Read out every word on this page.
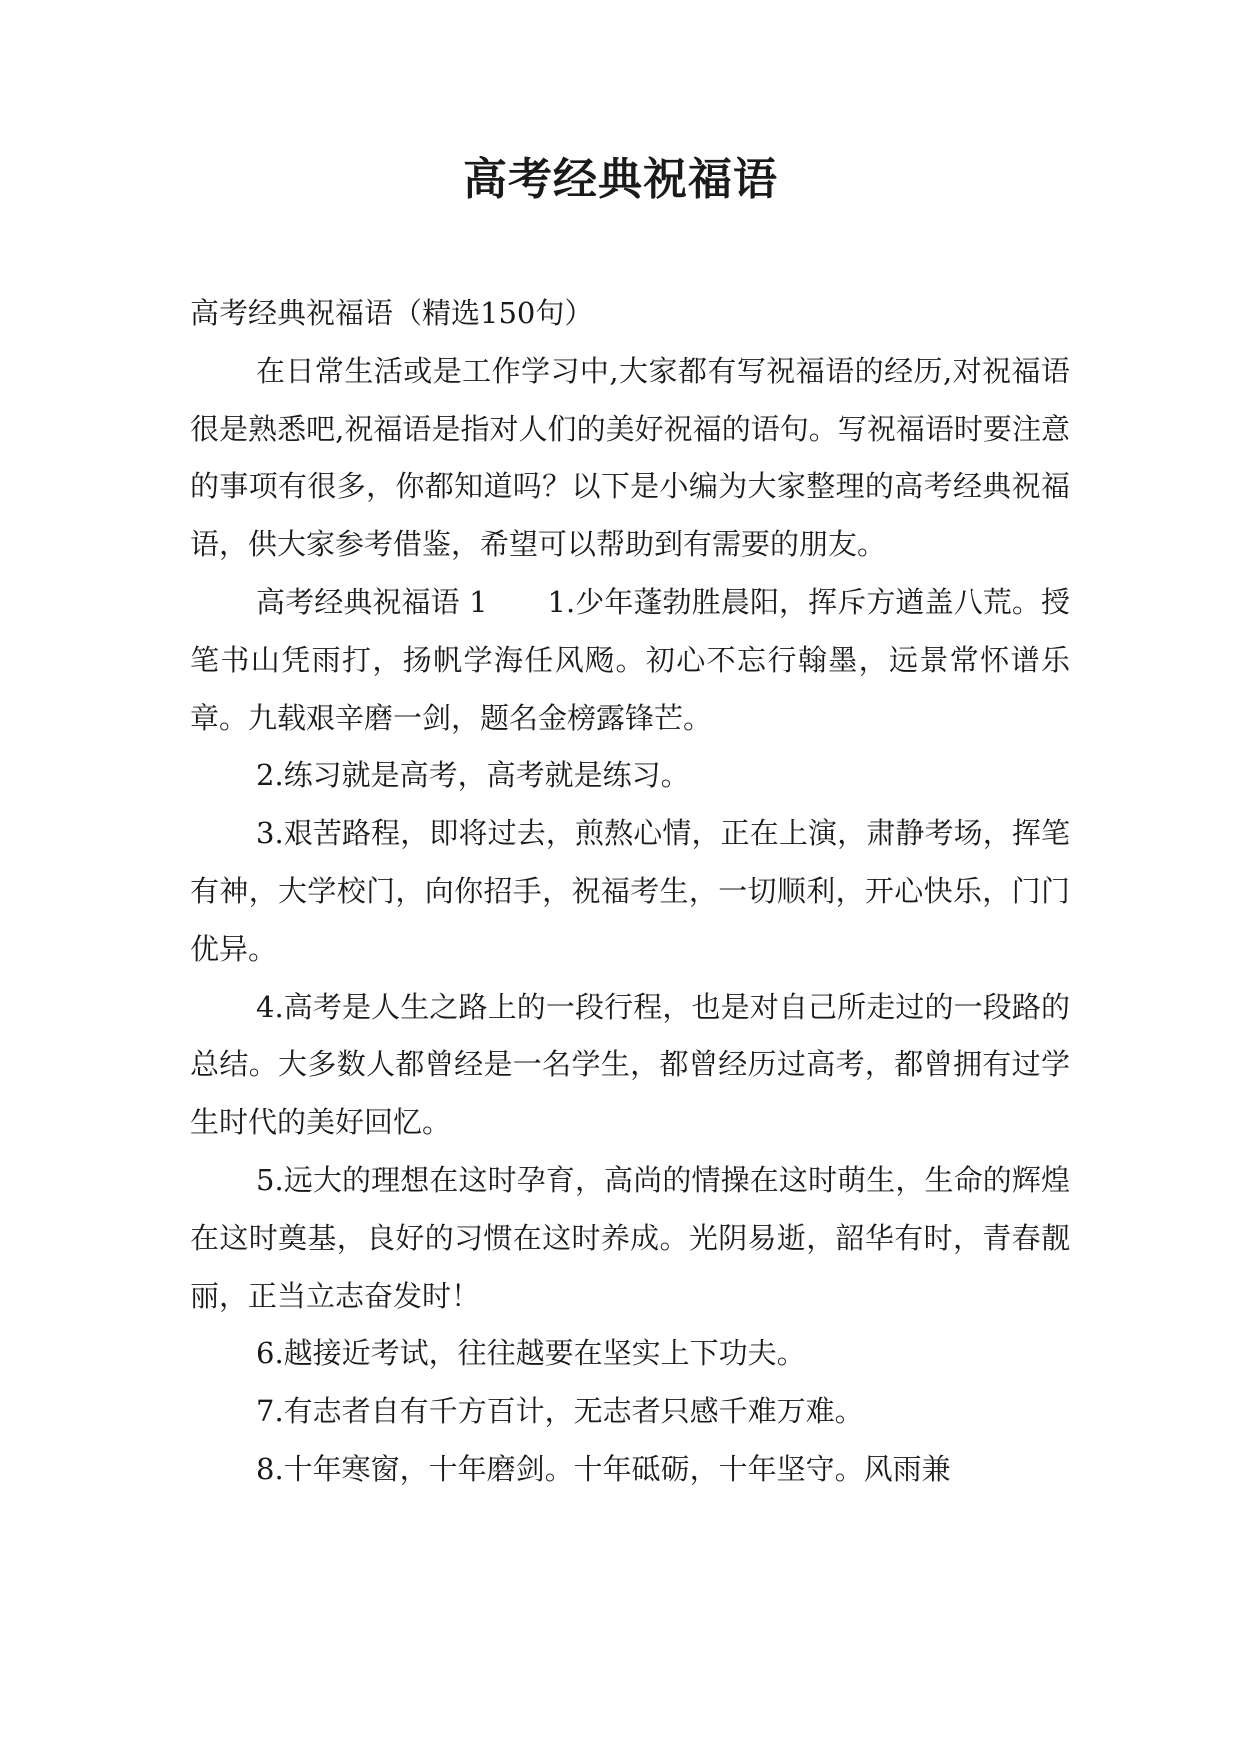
高考经典祝福语

高考经典祝福语（精选150句）

在日常生活或是工作学习中,大家都有写祝福语的经历,对祝福语很是熟悉吧,祝福语是指对人们的美好祝福的语句。写祝福语时要注意的事项有很多，你都知道吗？以下是小编为大家整理的高考经典祝福语，供大家参考借鉴，希望可以帮助到有需要的朋友。

高考经典祝福语 1 1.少年蓬勃胜晨阳，挥斥方遒盖八荒。授笔书山凭雨打，扬帆学海任风飏。初心不忘行翰墨，远景常怀谱乐章。九载艰辛磨一剑，题名金榜露锋芒。

2.练习就是高考，高考就是练习。

3.艰苦路程，即将过去，煎熬心情，正在上演，肃静考场，挥笔有神，大学校门，向你招手，祝福考生，一切顺利，开心快乐，门门优异。

4.高考是人生之路上的一段行程，也是对自己所走过的一段路的总结。大多数人都曾经是一名学生，都曾经历过高考，都曾拥有过学生时代的美好回忆。

5.远大的理想在这时孕育，高尚的情操在这时萌生，生命的辉煌在这时奠基，良好的习惯在这时养成。光阴易逝，韶华有时，青春靓丽，正当立志奋发时！

6.越接近考试，往往越要在坚实上下功夫。

7.有志者自有千方百计，无志者只感千难万难。

8.十年寒窗，十年磨剑。十年砥砺，十年坚守。风雨兼
